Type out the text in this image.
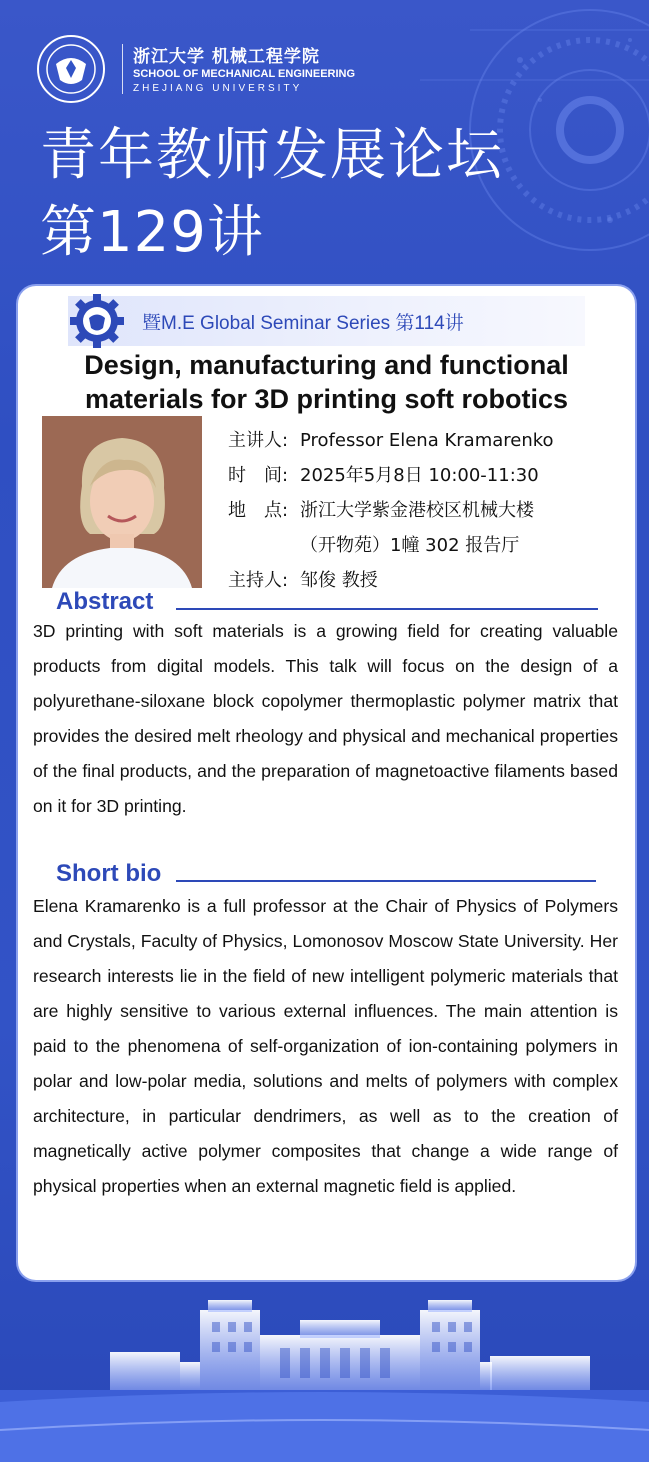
浙江大学 机械工程学院
SCHOOL OF MECHANICAL ENGINEERING
ZHEJIANG UNIVERSITY
青年教师发展论坛
第129讲
暨M.E Global Seminar Series 第114讲
Design, manufacturing and functional
materials for 3D printing soft robotics
主讲人: Professor Elena Kramarenko
时　间: 2025年5月8日 10:00-11:30
地　点: 浙江大学紫金港校区机械大楼
（开物苑）1幢 302 报告厅
主持人: 邹俊 教授
Abstract
3D printing with soft materials is a growing field for creating valuable products from digital models. This talk will focus on the design of a polyurethane-siloxane block copolymer thermoplastic polymer matrix that provides the desired melt rheology and physical and mechanical properties of the final products, and the preparation of magnetoactive filaments based on it for 3D printing.
Short bio
Elena Kramarenko is a full professor at the Chair of Physics of Polymers and Crystals, Faculty of Physics, Lomonosov Moscow State University. Her research interests lie in the field of new intelligent polymeric materials that are highly sensitive to various external influences. The main attention is paid to the phenomena of self-organization of ion-containing polymers in polar and low-polar media, solutions and melts of polymers with complex architecture, in particular dendrimers, as well as to the creation of magnetically active polymer composites that change a wide range of physical properties when an external magnetic field is applied.
